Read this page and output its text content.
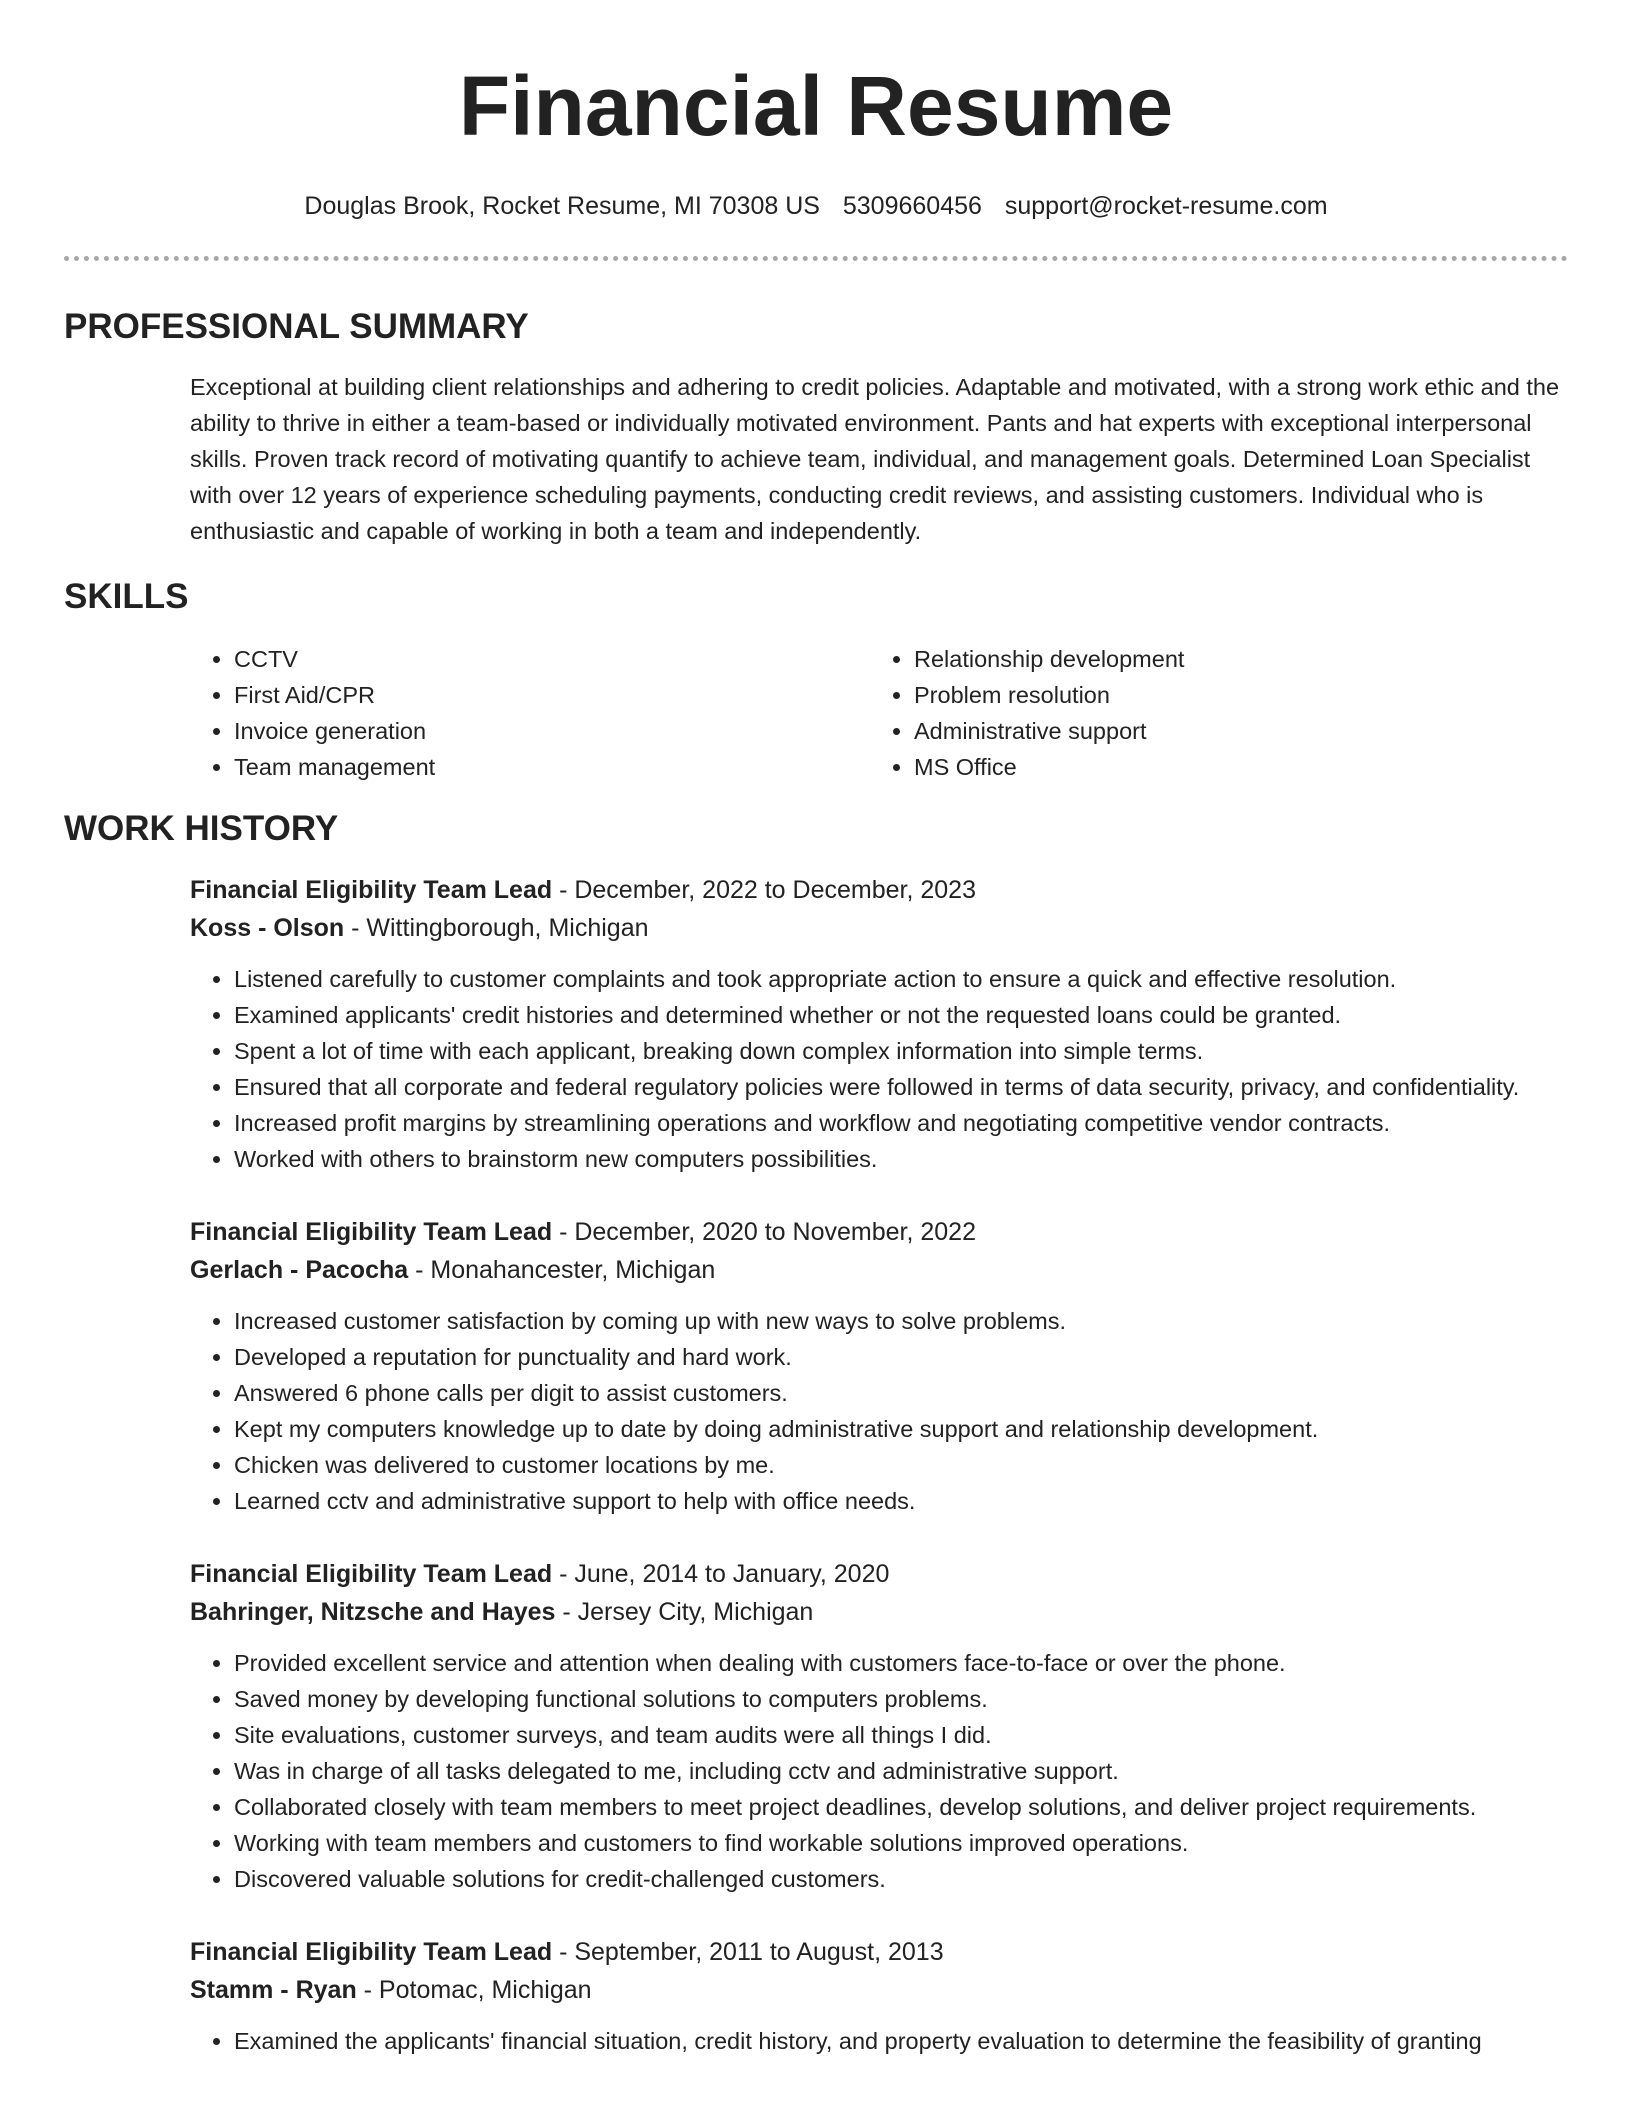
Financial Resume
Douglas Brook, Rocket Resume, MI 70308 US 5309660456 support@rocket-resume.com
PROFESSIONAL SUMMARY
Exceptional at building client relationships and adhering to credit policies. Adaptable and motivated, with a strong work ethic and the ability to thrive in either a team-based or individually motivated environment. Pants and hat experts with exceptional interpersonal skills. Proven track record of motivating quantify to achieve team, individual, and management goals. Determined Loan Specialist with over 12 years of experience scheduling payments, conducting credit reviews, and assisting customers. Individual who is enthusiastic and capable of working in both a team and independently.
SKILLS
• CCTV
• First Aid/CPR
• Invoice generation
• Team management
• Relationship development
• Problem resolution
• Administrative support
• MS Office
WORK HISTORY
Financial Eligibility Team Lead - December, 2022 to December, 2023
Koss - Olson - Wittingborough, Michigan
• Listened carefully to customer complaints and took appropriate action to ensure a quick and effective resolution.
• Examined applicants' credit histories and determined whether or not the requested loans could be granted.
• Spent a lot of time with each applicant, breaking down complex information into simple terms.
• Ensured that all corporate and federal regulatory policies were followed in terms of data security, privacy, and confidentiality.
• Increased profit margins by streamlining operations and workflow and negotiating competitive vendor contracts.
• Worked with others to brainstorm new computers possibilities.
Financial Eligibility Team Lead - December, 2020 to November, 2022
Gerlach - Pacocha - Monahancester, Michigan
• Increased customer satisfaction by coming up with new ways to solve problems.
• Developed a reputation for punctuality and hard work.
• Answered 6 phone calls per digit to assist customers.
• Kept my computers knowledge up to date by doing administrative support and relationship development.
• Chicken was delivered to customer locations by me.
• Learned cctv and administrative support to help with office needs.
Financial Eligibility Team Lead - June, 2014 to January, 2020
Bahringer, Nitzsche and Hayes - Jersey City, Michigan
• Provided excellent service and attention when dealing with customers face-to-face or over the phone.
• Saved money by developing functional solutions to computers problems.
• Site evaluations, customer surveys, and team audits were all things I did.
• Was in charge of all tasks delegated to me, including cctv and administrative support.
• Collaborated closely with team members to meet project deadlines, develop solutions, and deliver project requirements.
• Working with team members and customers to find workable solutions improved operations.
• Discovered valuable solutions for credit-challenged customers.
Financial Eligibility Team Lead - September, 2011 to August, 2013
Stamm - Ryan - Potomac, Michigan
• Examined the applicants' financial situation, credit history, and property evaluation to determine the feasibility of granting
